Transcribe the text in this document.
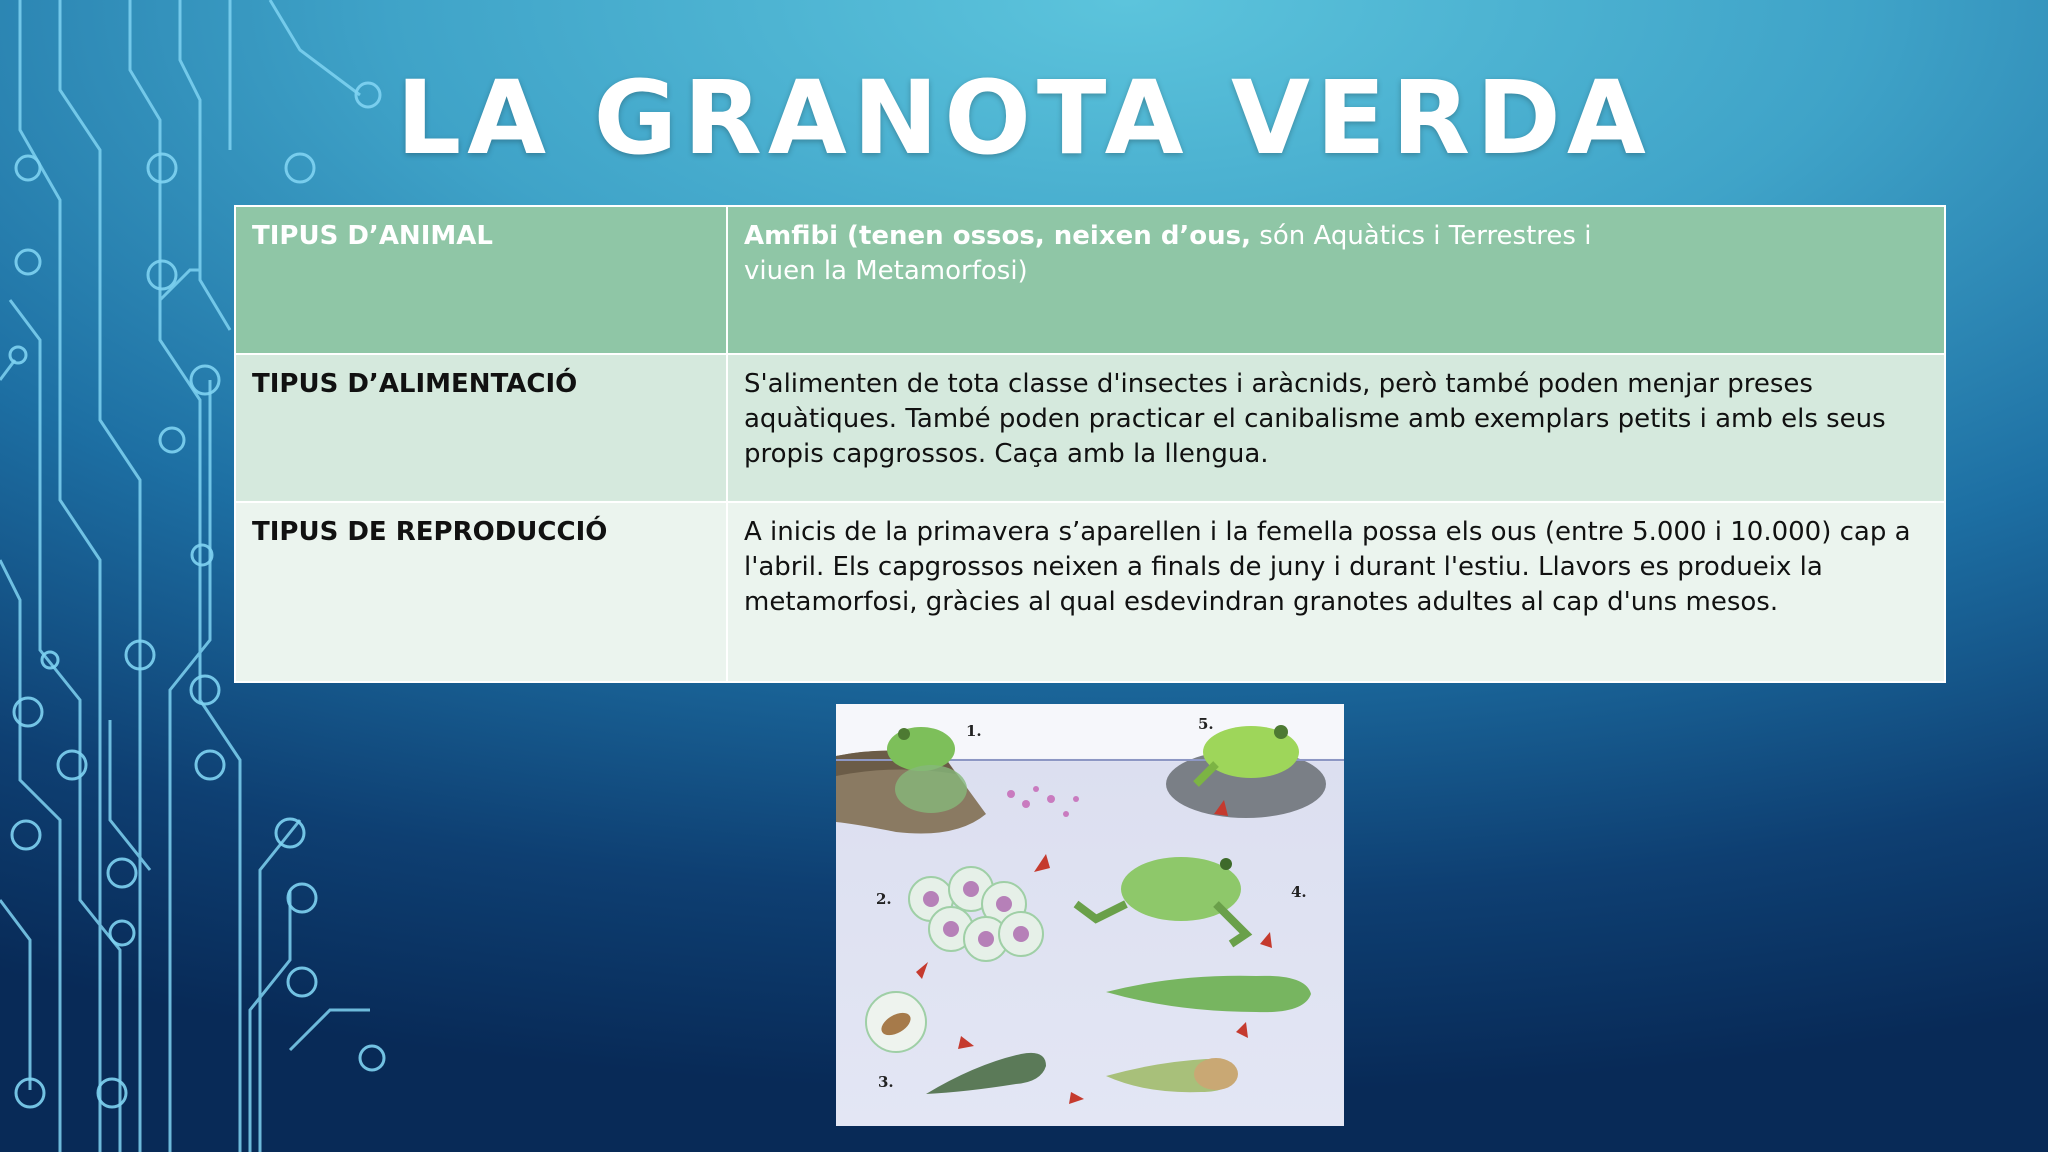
LA GRANOTA VERDA
TIPUS D’ANIMAL	Amfibi (tenen ossos, neixen d’ous, són Aquàtics i Terrestres i
viuen la Metamorfosi)
TIPUS D’ALIMENTACIÓ	S'alimenten de tota classe d'insectes i aràcnids, però també poden menjar preses aquàtiques. També poden practicar el canibalisme amb exemplars petits i amb els seus propis capgrossos. Caça amb la llengua.
TIPUS DE REPRODUCCIÓ	A inicis de la primavera s’aparellen i la femella possa els ous (entre 5.000 i 10.000) cap a l'abril. Els capgrossos neixen a finals de juny i durant l'estiu. Llavors es produeix la metamorfosi, gràcies al qual esdevindran granotes adultes al cap d'uns mesos.
1.
2.
3.
4.
5.
